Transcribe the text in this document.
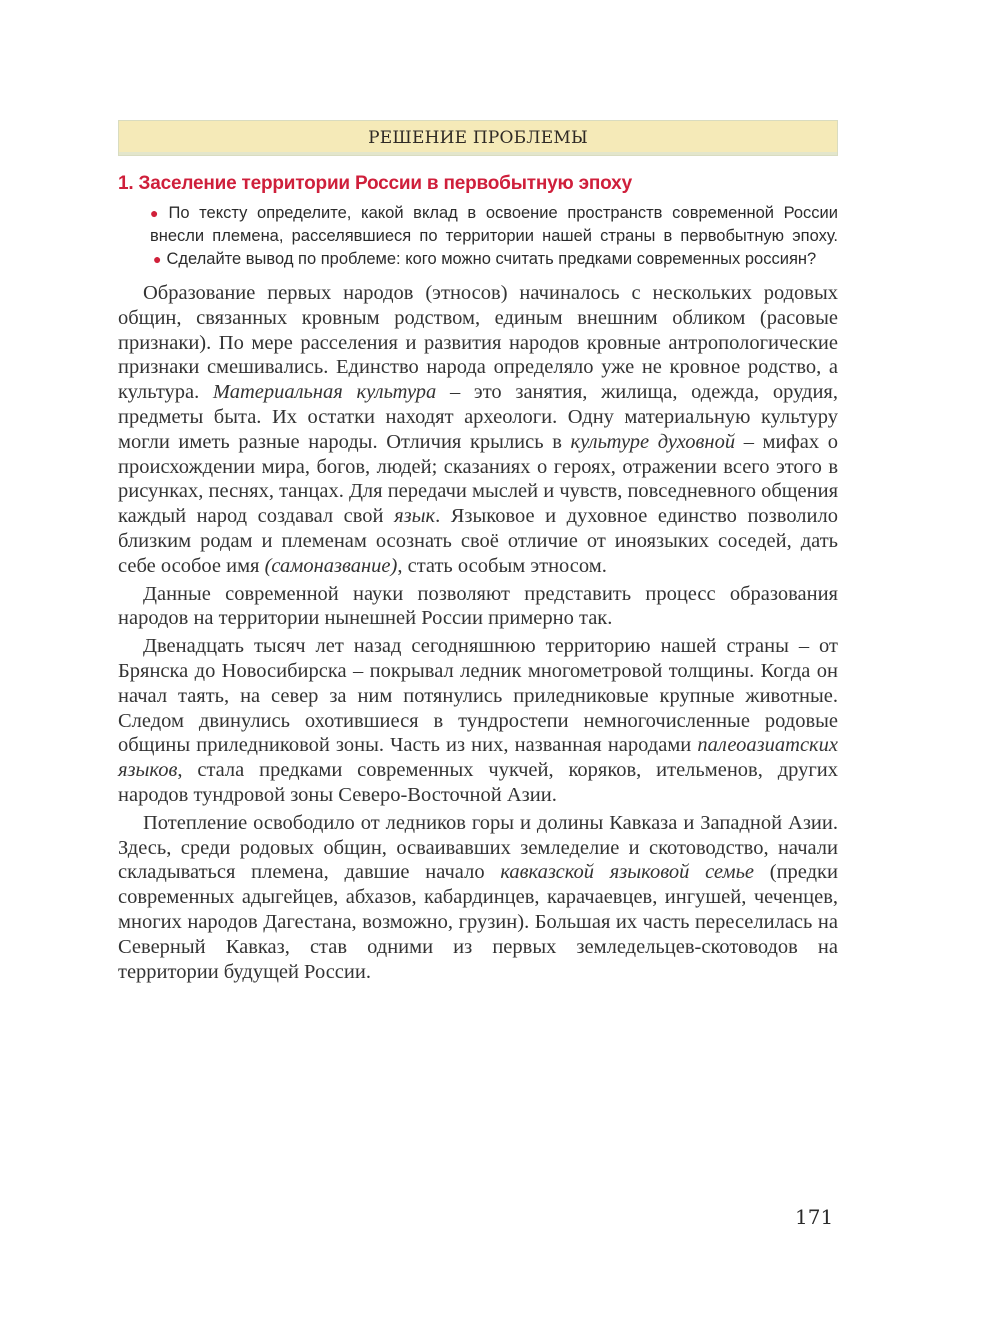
РЕШЕНИЕ ПРОБЛЕМЫ
1. Заселение территории России в первобытную эпоху
● По тексту определите, какой вклад в освоение пространств современной России внесли племена, расселявшиеся по территории нашей страны в первобытную эпоху. ● Сделайте вывод по проблеме: кого можно считать предками современных россиян?

Образование первых народов (этносов) начиналось с нескольких родовых общин, связанных кровным родством, единым внешним обликом (расовые признаки). По мере расселения и развития народов кровные антропологические признаки смешивались. Единство народа определяло уже не кровное родство, а культура. Материальная культура – это занятия, жилища, одежда, орудия, предметы быта. Их остатки находят археологи. Одну материальную культуру могли иметь разные народы. Отличия крылись в культуре духовной – мифах о происхождении мира, богов, людей; сказаниях о героях, отражении всего этого в рисунках, песнях, танцах. Для передачи мыслей и чувств, повседневного общения каждый народ создавал свой язык. Языковое и духовное единство позволило близким родам и племенам осознать своё отличие от иноязыких соседей, дать себе особое имя (самоназвание), стать особым этносом.

Данные современной науки позволяют представить процесс образования народов на территории нынешней России примерно так.

Двенадцать тысяч лет назад сегодняшнюю территорию нашей страны – от Брянска до Новосибирска – покрывал ледник многометровой толщины. Когда он начал таять, на север за ним потянулись приледниковые крупные животные. Следом двинулись охотившиеся в тундростепи немногочисленные родовые общины приледниковой зоны. Часть из них, названная народами палеоазиатских языков, стала предками современных чукчей, коряков, ительменов, других народов тундровой зоны Северо-Восточной Азии.

Потепление освободило от ледников горы и долины Кавказа и Западной Азии. Здесь, среди родовых общин, осваивавших земледелие и скотоводство, начали складываться племена, давшие начало кавказской языковой семье (предки современных адыгейцев, абхазов, кабардинцев, карачаевцев, ингушей, чеченцев, многих народов Дагестана, возможно, грузин). Большая их часть переселилась на Северный Кавказ, став одними из первых земледельцев-скотоводов на территории будущей России.

171
